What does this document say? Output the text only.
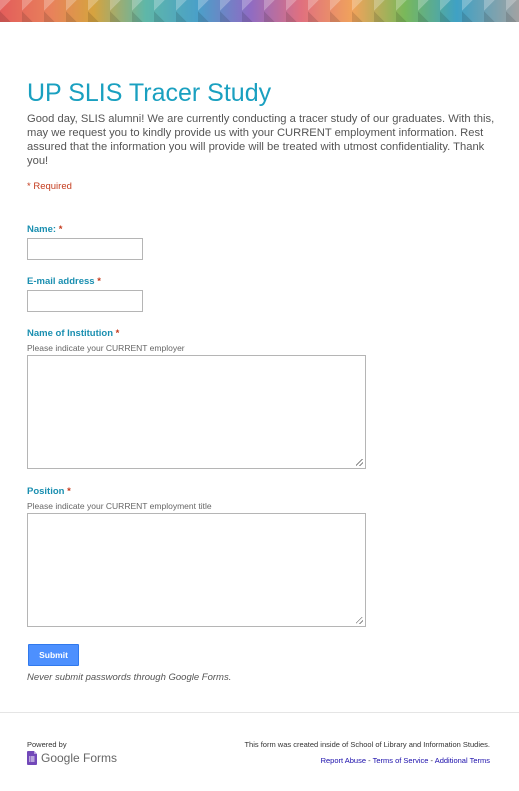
UP SLIS Tracer Study
Good day, SLIS alumni! We are currently conducting a tracer study of our graduates. With this, may we request you to kindly provide us with your CURRENT employment information. Rest assured that the information you will provide will be treated with utmost confidentiality. Thank you!
* Required
Name: *
E-mail address *
Name of Institution *
Please indicate your CURRENT employer
Position *
Please indicate your CURRENT employment title
Submit
Never submit passwords through Google Forms.
Powered by
Google Forms
This form was created inside of School of Library and Information Studies.
Report Abuse - Terms of Service - Additional Terms
